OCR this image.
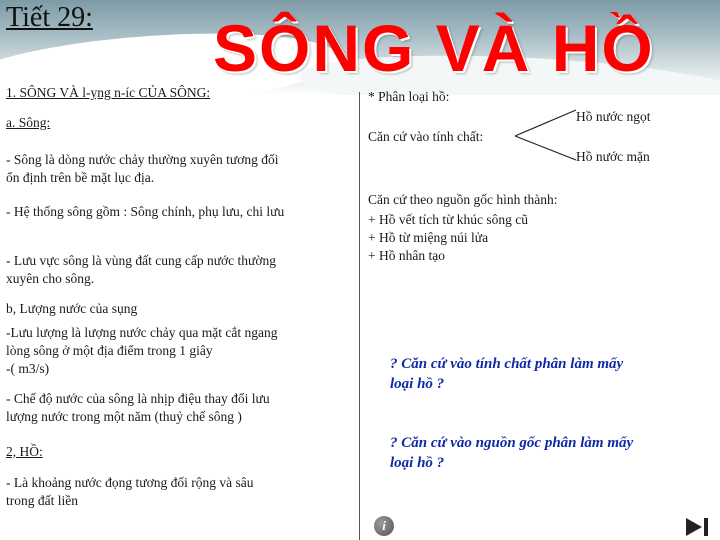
Tiết 29: SÔNG VÀ HỒ
1. SÔNG VÀ l-ỵng n-íc CỦA SÔNG:
a. Sông:
- Sông là dòng nước chảy thường xuyên tương đối
ổn định trên bề mặt lục địa.
- Hệ thống sông gồm : Sông chính, phụ lưu, chi lưu
- Lưu vực sông là vùng đất cung cấp nước thường
xuyên cho sông.
b, Lượng nước của sụng
-Lưu lượng là lượng nước chảy qua mặt cắt ngang
lòng sông ở một địa điểm trong 1 giây
-( m3/s)
- Chế độ nước của sông là nhịp điệu thay đổi lưu
lượng nước trong một năm (thuỷ chế sông )
2, HỒ:
- Là khoảng nước đọng tương đối rộng và sâu
trong đất liền
* Phân loại hồ:
Căn cứ vào tính chất:
Hồ nước ngọt
Hồ nước mặn
Căn cứ theo nguồn gốc hình thành:
+ Hồ vết tích từ khúc sông cũ
+ Hồ từ miệng núi lửa
+ Hồ nhân tạo
? Căn cứ vào tính chất phân làm mấy
loại hồ ?
? Căn cứ vào nguồn gốc phân làm mấy
loại hồ ?
i
